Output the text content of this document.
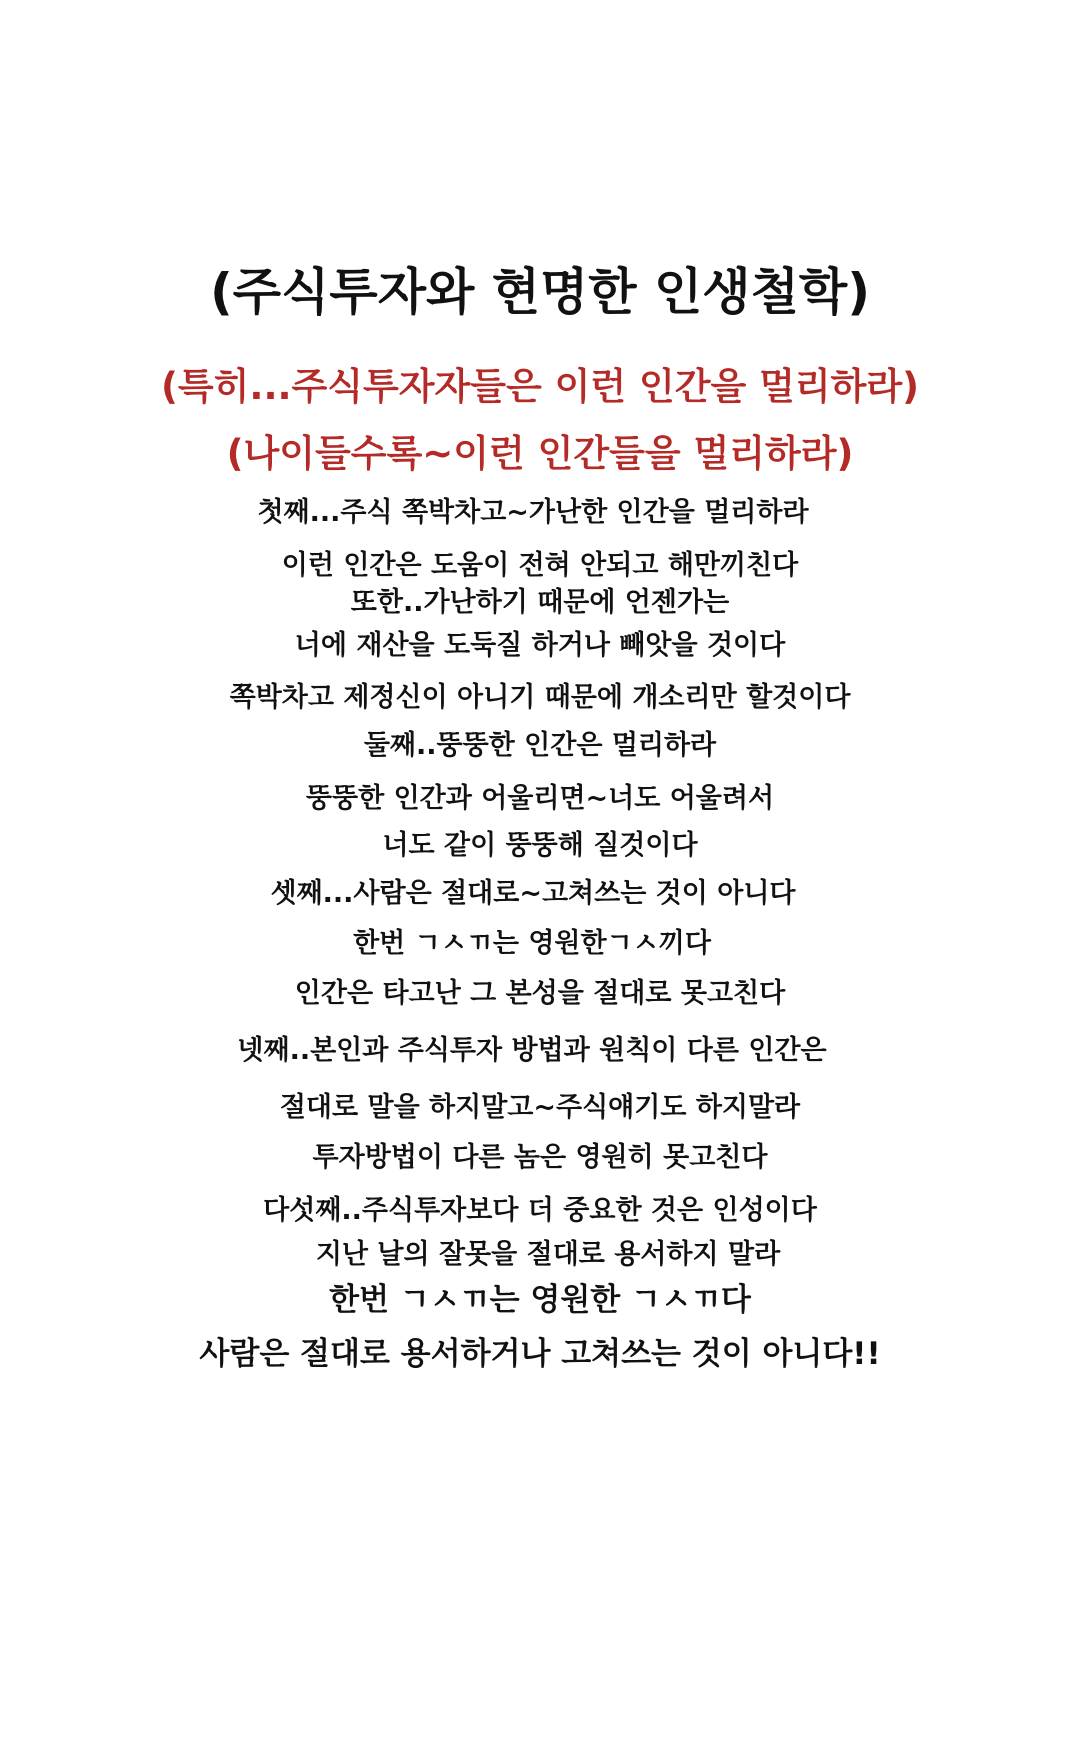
(주식투자와 현명한 인생철학)
(특히...주식투자자들은 이런 인간을 멀리하라)
(나이들수록~이런 인간들을 멀리하라)
첫째...주식 쪽박차고~가난한 인간을 멀리하라
이런 인간은 도움이 전혀 안되고 해만끼친다
또한..가난하기 때문에 언젠가는
너에 재산을 도둑질 하거나 빼앗을 것이다
쪽박차고 제정신이 아니기 때문에 개소리만 할것이다
둘째..뚱뚱한 인간은 멀리하라
뚱뚱한 인간과 어울리면~너도 어울려서
너도 같이 뚱뚱해 질것이다
셋째...사람은 절대로~고쳐쓰는 것이 아니다
한번 ㄱㅅㄲ는 영원한ㄱㅅ끼다
인간은 타고난 그 본성을 절대로 못고친다
넷째..본인과 주식투자 방법과 원칙이 다른 인간은
절대로 말을 하지말고~주식얘기도 하지말라
투자방법이 다른 놈은 영원히 못고친다
다섯째..주식투자보다 더 중요한 것은 인성이다
지난 날의 잘못을 절대로 용서하지 말라
한번 ㄱㅅㄲ는 영원한 ㄱㅅㄲ다
사람은 절대로 용서하거나 고쳐쓰는 것이 아니다!!
